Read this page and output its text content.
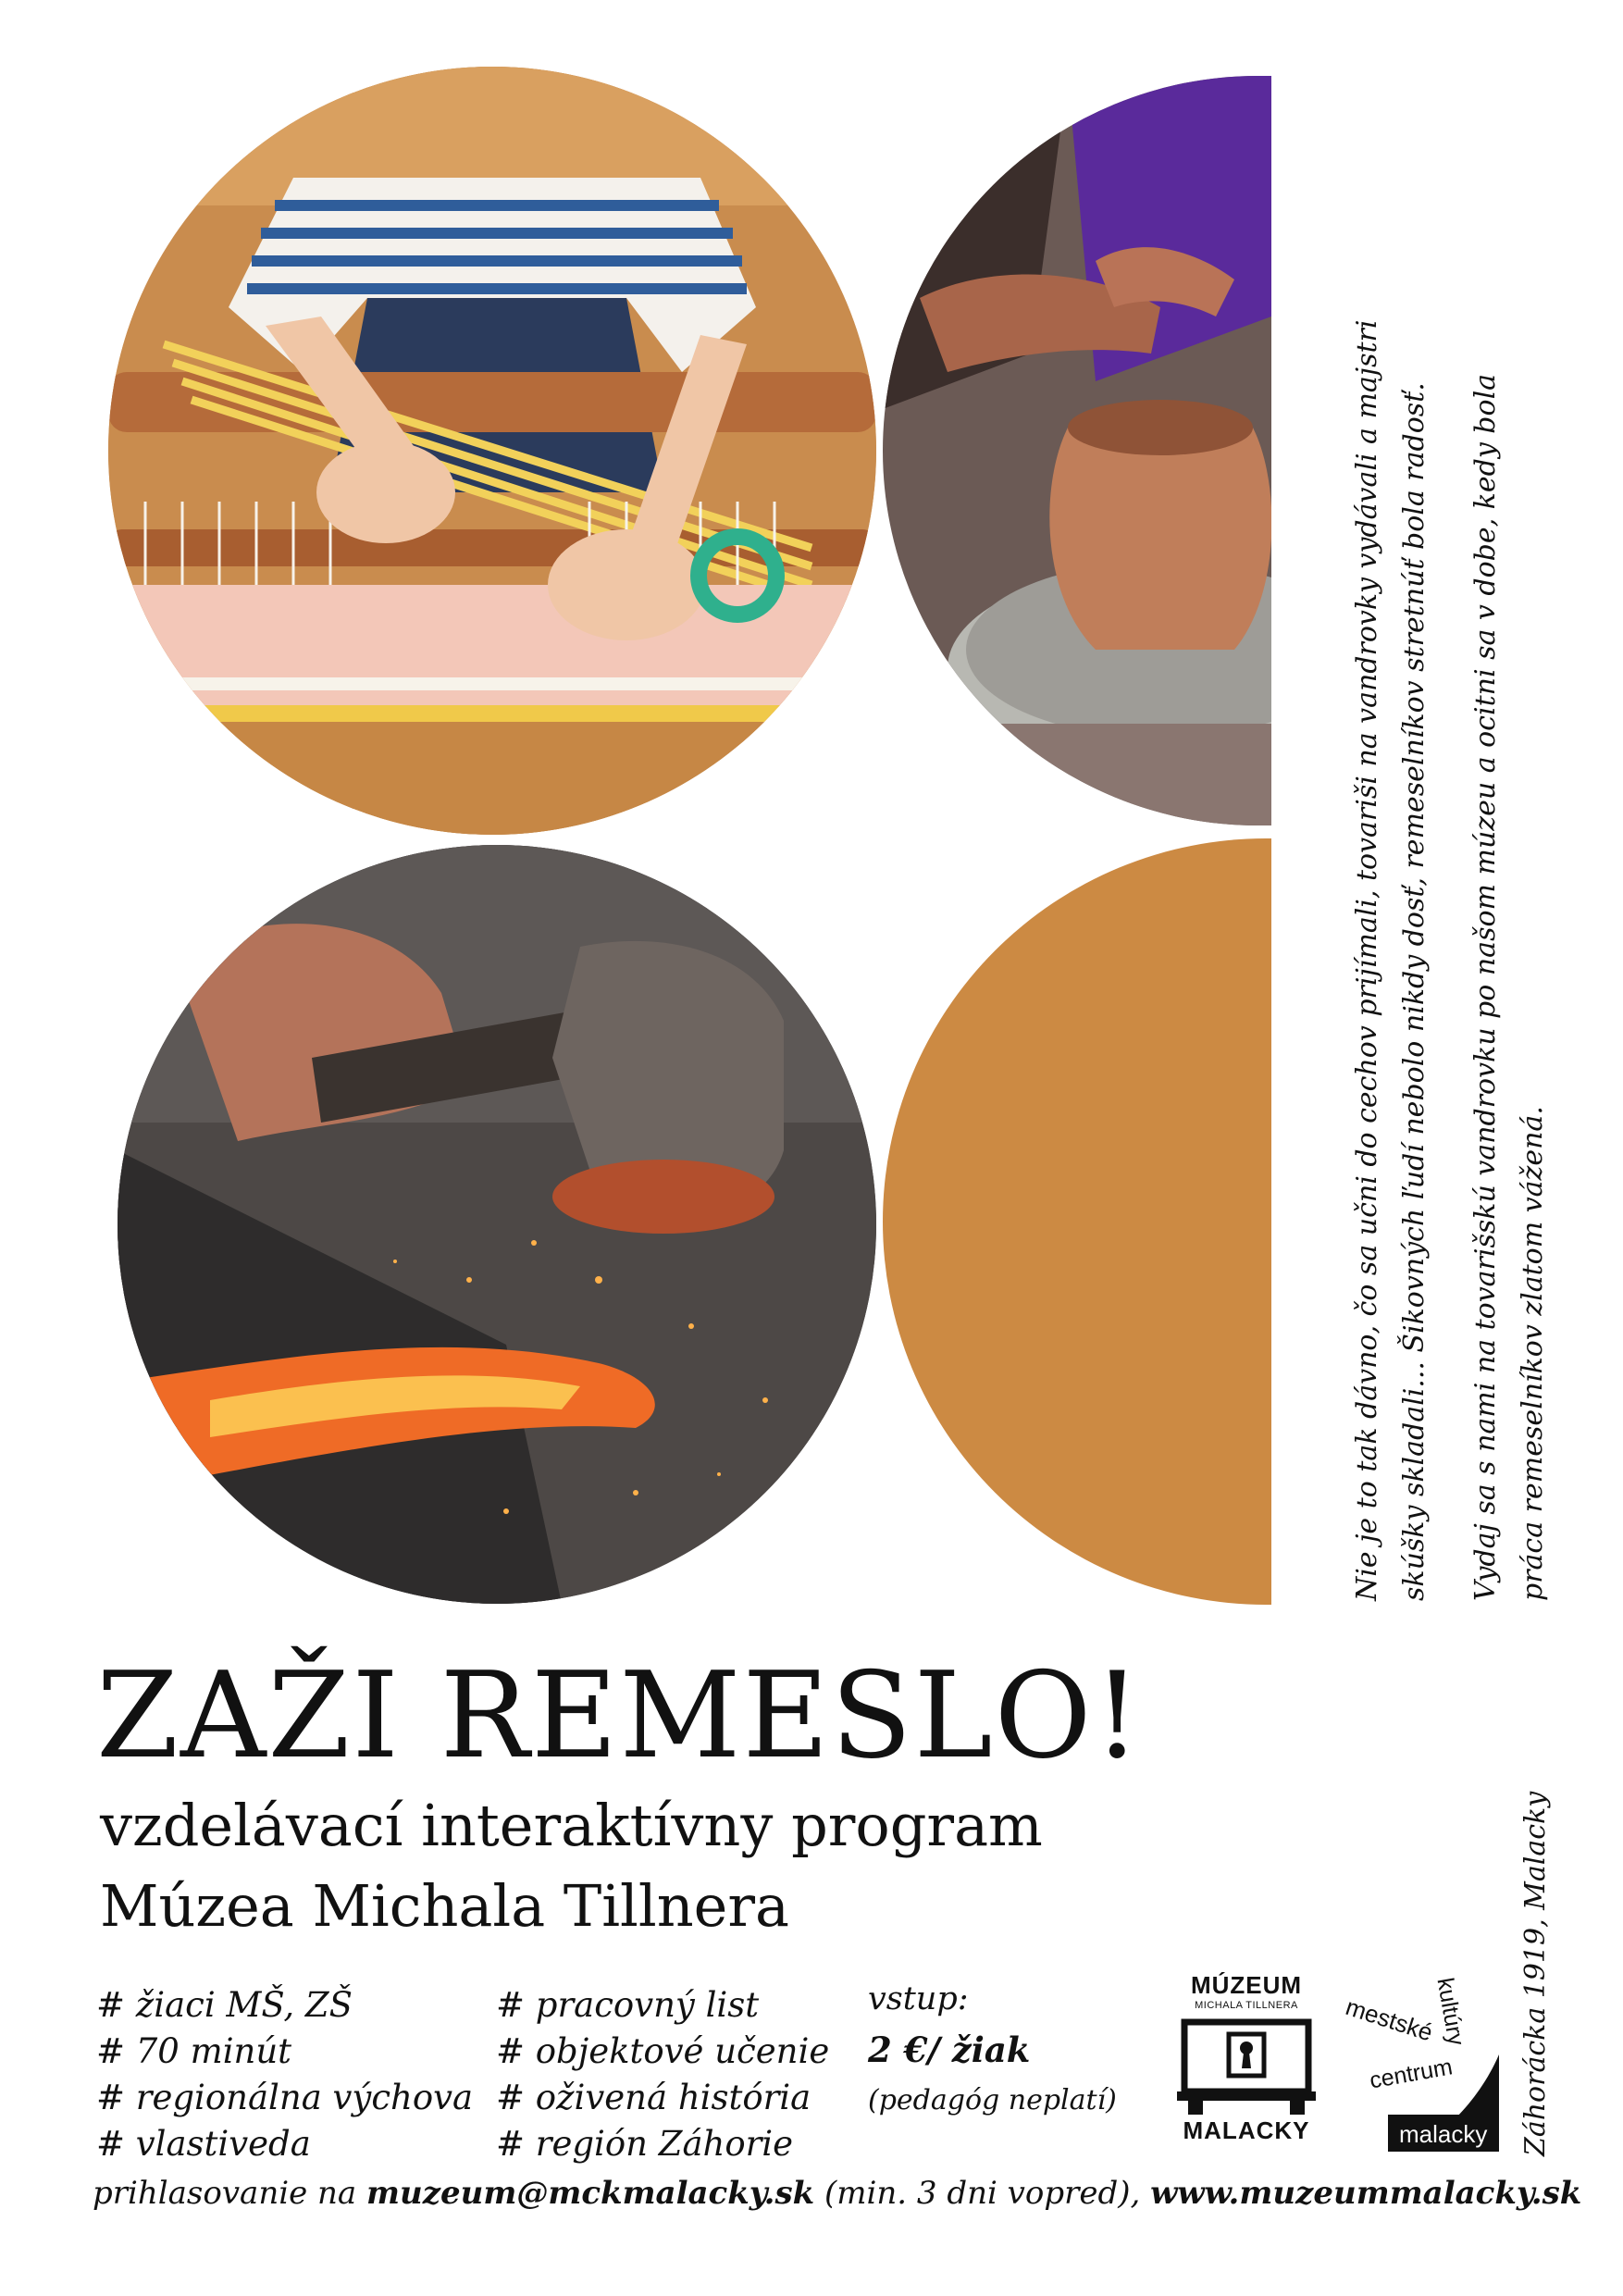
Nie je to tak dávno, čo sa učni do cechov prijímali, tovariši na vandrovky vydávali a majstri skúšky skladali... Šikovných ľudí nebolo nikdy dosť, remeselníkov stretnúť bola radosť. Vydaj sa s nami na tovarišskú vandrovku po našom múzeu a ocitni sa v dobe, kedy bola práca remeselníkov zlatom vážená.
ZAŽI REMESLO!
vzdelávací interaktívny program
Múzea Michala Tillnera
# žiaci MŠ, ZŠ
# 70 minút
# regionálna výchova
# vlastiveda
# pracovný list
# objektové učenie
# oživená história
# región Záhorie
vstup:
2 €/ žiak
(pedagóg neplatí)
MÚZEUM
MICHALA TILLNERA
MALACKY
mestské
centrum
kultúry
malacky Záhorácka 1919, Malacky
prihlasovanie na muzeum@mckmalacky.sk (min. 3 dni vopred), www.muzeummalacky.sk
